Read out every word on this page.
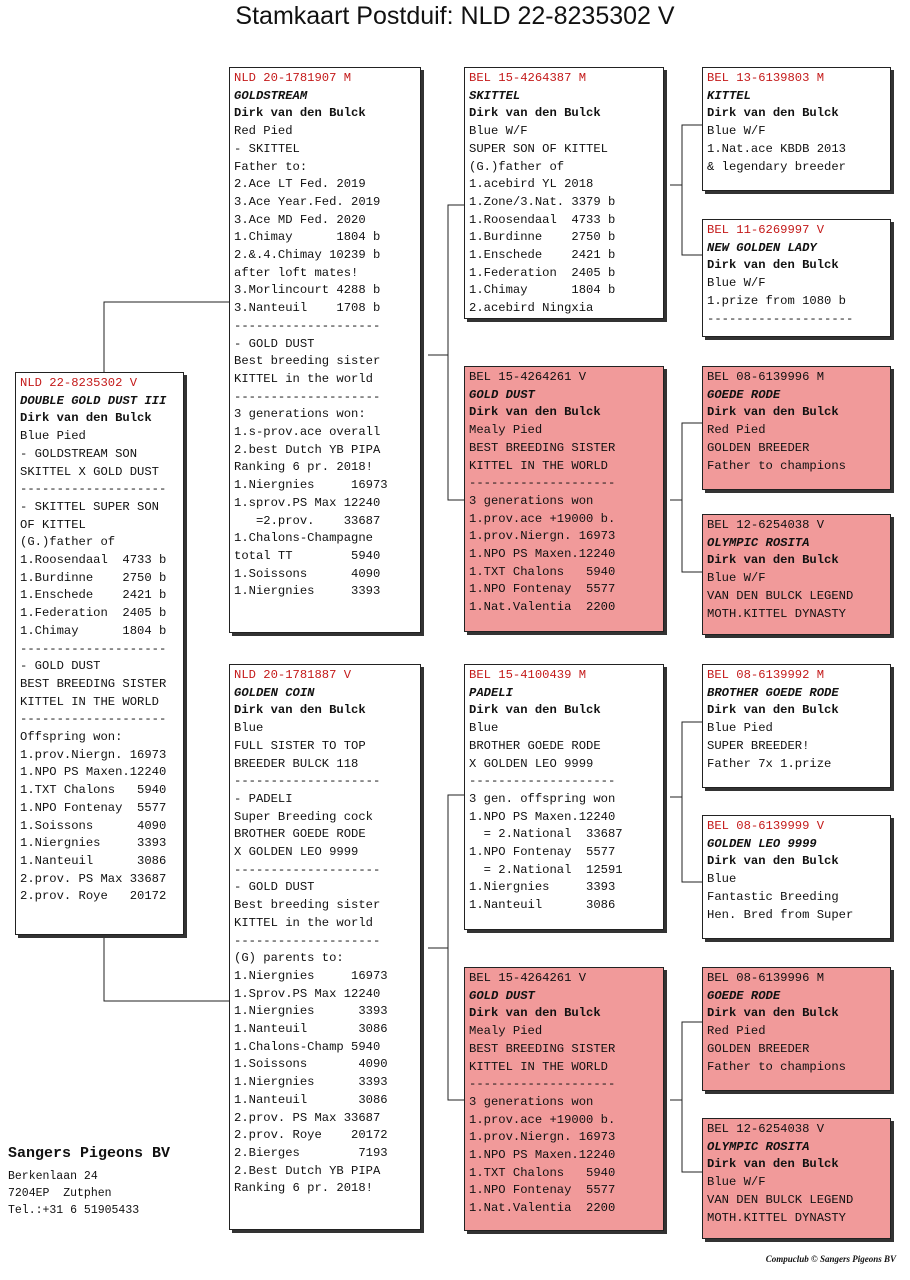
Stamkaart Postduif: NLD 22-8235302 V
NLD 22-8235302 V
DOUBLE GOLD DUST III
Dirk van den Bulck
Blue Pied
- GOLDSTREAM SON
SKITTEL X GOLD DUST
--------------------
- SKITTEL SUPER SON
OF KITTEL
(G.)father of
1.Roosendaal  4733 b
1.Burdinne    2750 b
1.Enschede    2421 b
1.Federation  2405 b
1.Chimay      1804 b
--------------------
- GOLD DUST
BEST BREEDING SISTER
KITTEL IN THE WORLD
--------------------
Offspring won:
1.prov.Niergn. 16973
1.NPO PS Maxen.12240
1.TXT Chalons   5940
1.NPO Fontenay  5577
1.Soissons      4090
1.Niergnies     3393
1.Nanteuil      3086
2.prov. PS Max 33687
2.prov. Roye   20172
NLD 20-1781907 M
GOLDSTREAM
Dirk van den Bulck
Red Pied
- SKITTEL
Father to:
2.Ace LT Fed. 2019
3.Ace Year.Fed. 2019
3.Ace MD Fed. 2020
1.Chimay      1804 b
2.&.4.Chimay 10239 b
after loft mates!
3.Morlincourt 4288 b
3.Nanteuil    1708 b
--------------------
- GOLD DUST
Best breeding sister
KITTEL in the world
--------------------
3 generations won:
1.s-prov.ace overall
2.best Dutch YB PIPA
Ranking 6 pr. 2018!
1.Niergnies     16973
1.sprov.PS Max 12240
=2.prov.    33687
1.Chalons-Champagne
total TT        5940
1.Soissons      4090
1.Niergnies     3393
NLD 20-1781887 V
GOLDEN COIN
Dirk van den Bulck
Blue
FULL SISTER TO TOP
BREEDER BULCK 118
--------------------
- PADELI
Super Breeding cock
BROTHER GOEDE RODE
X GOLDEN LEO 9999
--------------------
- GOLD DUST
Best breeding sister
KITTEL in the world
--------------------
(G) parents to:
1.Niergnies     16973
1.Sprov.PS Max 12240
1.Niergnies      3393
1.Nanteuil       3086
1.Chalons-Champ 5940
1.Soissons       4090
1.Niergnies      3393
1.Nanteuil       3086
2.prov. PS Max 33687
2.prov. Roye    20172
2.Bierges        7193
2.Best Dutch YB PIPA
Ranking 6 pr. 2018!
BEL 15-4264387 M
SKITTEL
Dirk van den Bulck
Blue W/F
SUPER SON OF KITTEL
(G.)father of
1.acebird YL 2018
1.Zone/3.Nat. 3379 b
1.Roosendaal  4733 b
1.Burdinne    2750 b
1.Enschede    2421 b
1.Federation  2405 b
1.Chimay      1804 b
2.acebird Ningxia
BEL 15-4264261 V
GOLD DUST
Dirk van den Bulck
Mealy Pied
BEST BREEDING SISTER
KITTEL IN THE WORLD
--------------------
3 generations won
1.prov.ace +19000 b.
1.prov.Niergn. 16973
1.NPO PS Maxen.12240
1.TXT Chalons   5940
1.NPO Fontenay  5577
1.Nat.Valentia  2200
BEL 15-4100439 M
PADELI
Dirk van den Bulck
Blue
BROTHER GOEDE RODE
X GOLDEN LEO 9999
--------------------
3 gen. offspring won
1.NPO PS Maxen.12240
= 2.National  33687
1.NPO Fontenay  5577
= 2.National  12591
1.Niergnies     3393
1.Nanteuil      3086
BEL 15-4264261 V
GOLD DUST
Dirk van den Bulck
Mealy Pied
BEST BREEDING SISTER
KITTEL IN THE WORLD
--------------------
3 generations won
1.prov.ace +19000 b.
1.prov.Niergn. 16973
1.NPO PS Maxen.12240
1.TXT Chalons   5940
1.NPO Fontenay  5577
1.Nat.Valentia  2200
BEL 13-6139803 M
KITTEL
Dirk van den Bulck
Blue W/F
1.Nat.ace KBDB 2013
& legendary breeder
BEL 11-6269997 V
NEW GOLDEN LADY
Dirk van den Bulck
Blue W/F
1.prize from 1080 b
--------------------
BEL 08-6139996 M
GOEDE RODE
Dirk van den Bulck
Red Pied
GOLDEN BREEDER
Father to champions
BEL 12-6254038 V
OLYMPIC ROSITA
Dirk van den Bulck
Blue W/F
VAN DEN BULCK LEGEND
MOTH.KITTEL DYNASTY
BEL 08-6139992 M
BROTHER GOEDE RODE
Dirk van den Bulck
Blue Pied
SUPER BREEDER!
Father 7x 1.prize
BEL 08-6139999 V
GOLDEN LEO 9999
Dirk van den Bulck
Blue
Fantastic Breeding
Hen. Bred from Super
BEL 08-6139996 M
GOEDE RODE
Dirk van den Bulck
Red Pied
GOLDEN BREEDER
Father to champions
BEL 12-6254038 V
OLYMPIC ROSITA
Dirk van den Bulck
Blue W/F
VAN DEN BULCK LEGEND
MOTH.KITTEL DYNASTY
Sangers Pigeons BV
Berkenlaan 24
7204EP  Zutphen
Tel.:+31 6 51905433
Compuclub © Sangers Pigeons BV
